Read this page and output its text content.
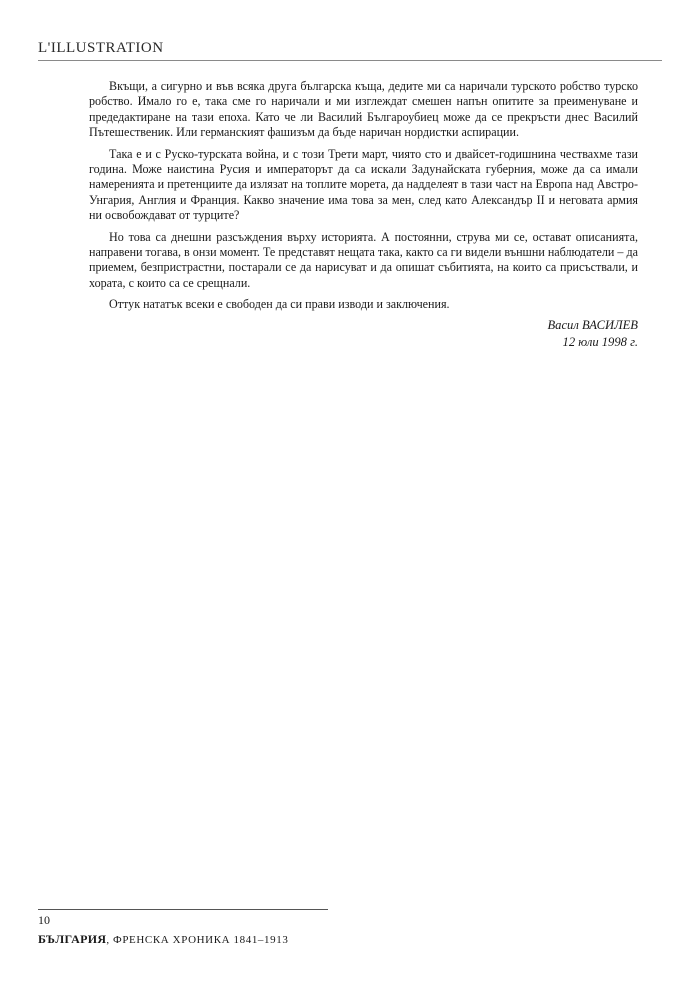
L'ILLUSTRATION

Вкъщи, а сигурно и във всяка друга българска къща, дедите ми са наричали турското робство турско робство. Имало го е, така сме го наричали и ми изглеждат смешен напън опитите за преименуване и предедактиране на тази епоха. Като че ли Василий Българоубиец може да се прекръсти днес Василий Пътешественик. Или германският фашизъм да бъде наричан нордистки аспирации.

Така е и с Руско-турската война, и с този Трети март, чиято сто и двайсет-годишнина чествахме тази година. Може наистина Русия и императорът да са искали Задунайската губерния, може да са имали намеренията и претенциите да излязат на топлите морета, да надделеят в тази част на Европа над Австро-Унгария, Англия и Франция. Какво значение има това за мен, след като Александър II и неговата армия ни освобождават от турците?

Но това са днешни разсъждения върху историята. А постоянни, струва ми се, остават описанията, направени тогава, в онзи момент. Те представят нещата така, както са ги видели външни наблюдатели – да приемем, безпристрастни, постарали се да нарисуват и да опишат събитията, на които са присъствали, и хората, с които са се срещнали.

Оттук нататък всеки е свободен да си прави изводи и заключения.

Васил ВАСИЛЕВ
12 юли 1998 г.
10
БЪЛГАРИЯ, ФРЕНСКА ХРОНИКА 1841–1913
